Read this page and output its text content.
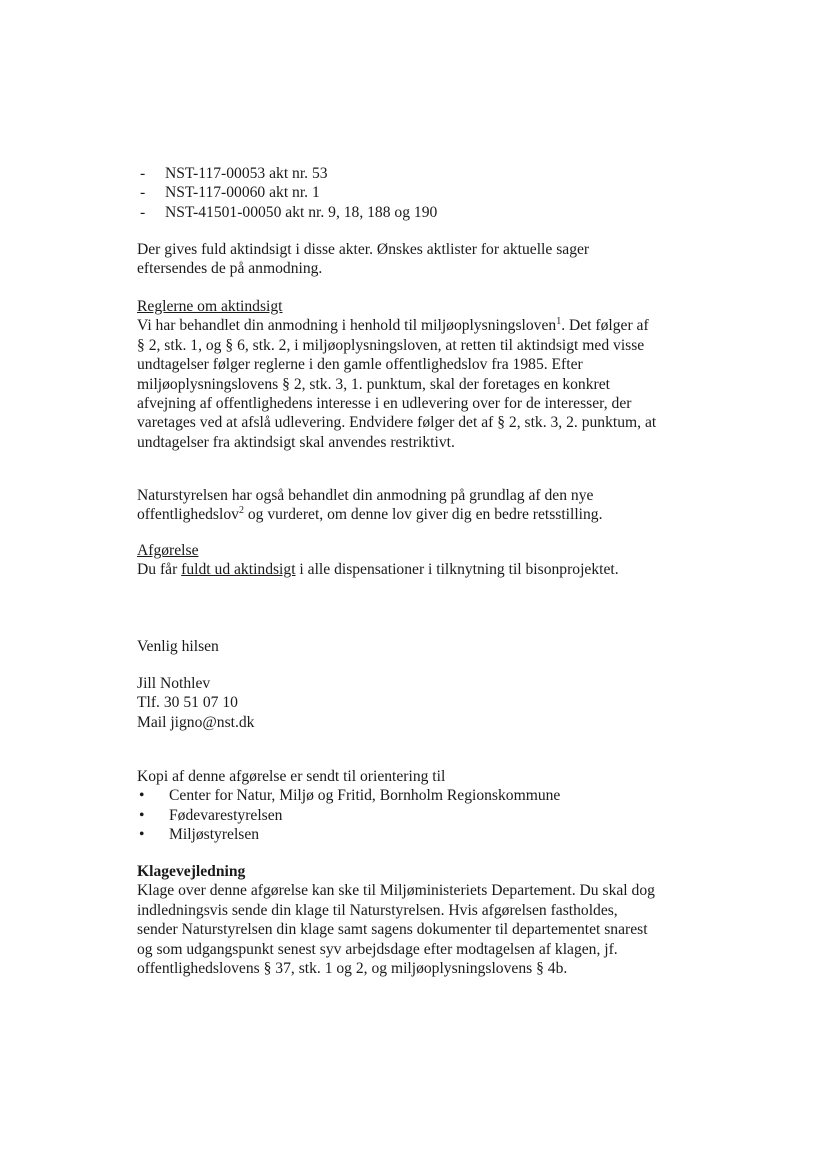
- NST-117-00053 akt nr. 53
- NST-117-00060 akt nr. 1
- NST-41501-00050 akt nr. 9, 18, 188 og 190

Der gives fuld aktindsigt i disse akter. Ønskes aktlister for aktuelle sager eftersendes de på anmodning.

Reglerne om aktindsigt

Vi har behandlet din anmodning i henhold til miljøoplysningsloven$^1$. Det følger af § 2, stk. 1, og § 6, stk. 2, i miljøoplysningsloven, at retten til aktindsigt med visse undtagelser følger reglerne i den gamle offentlighedslov fra 1985. Efter miljøoplysningslovens § 2, stk. 3, 1. punktum, skal der foretages en konkret afvejning af offentlighedens interesse i en udlevering over for de interesser, der varetages ved at afslå udlevering. Endvidere følger det af § 2, stk. 3, 2. punktum, at undtagelser fra aktindsigt skal anvendes restriktivt.

Naturstyrelsen har også behandlet din anmodning på grundlag af den nye offentlighedslov$^2$ og vurderet, om denne lov giver dig en bedre retsstilling.

Afgørelse

Du får fuldt ud aktindsigt i alle dispensationer i tilknytning til bisonprojektet.

Venlig hilsen

Jill Nothlev

Tlf. 30 51 07 10

Mail jigno@nst.dk

Kopi af denne afgørelse er sendt til orientering til

• Center for Natur, Miljø og Fritid, Bornholm Regionskommune
• Fødevarestyrelsen
• Miljøstyrelsen

Klagevejledning

Klage over denne afgørelse kan ske til Miljøministeriets Departement. Du skal dog indledningsvis sende din klage til Naturstyrelsen. Hvis afgørelsen fastholdes, sender Naturstyrelsen din klage samt sagens dokumenter til departementet snarest og som udgangspunkt senest syv arbejdsdage efter modtagelsen af klagen, jf. offentlighedslovens § 37, stk. 1 og 2, og miljøoplysningslovens § 4b.
